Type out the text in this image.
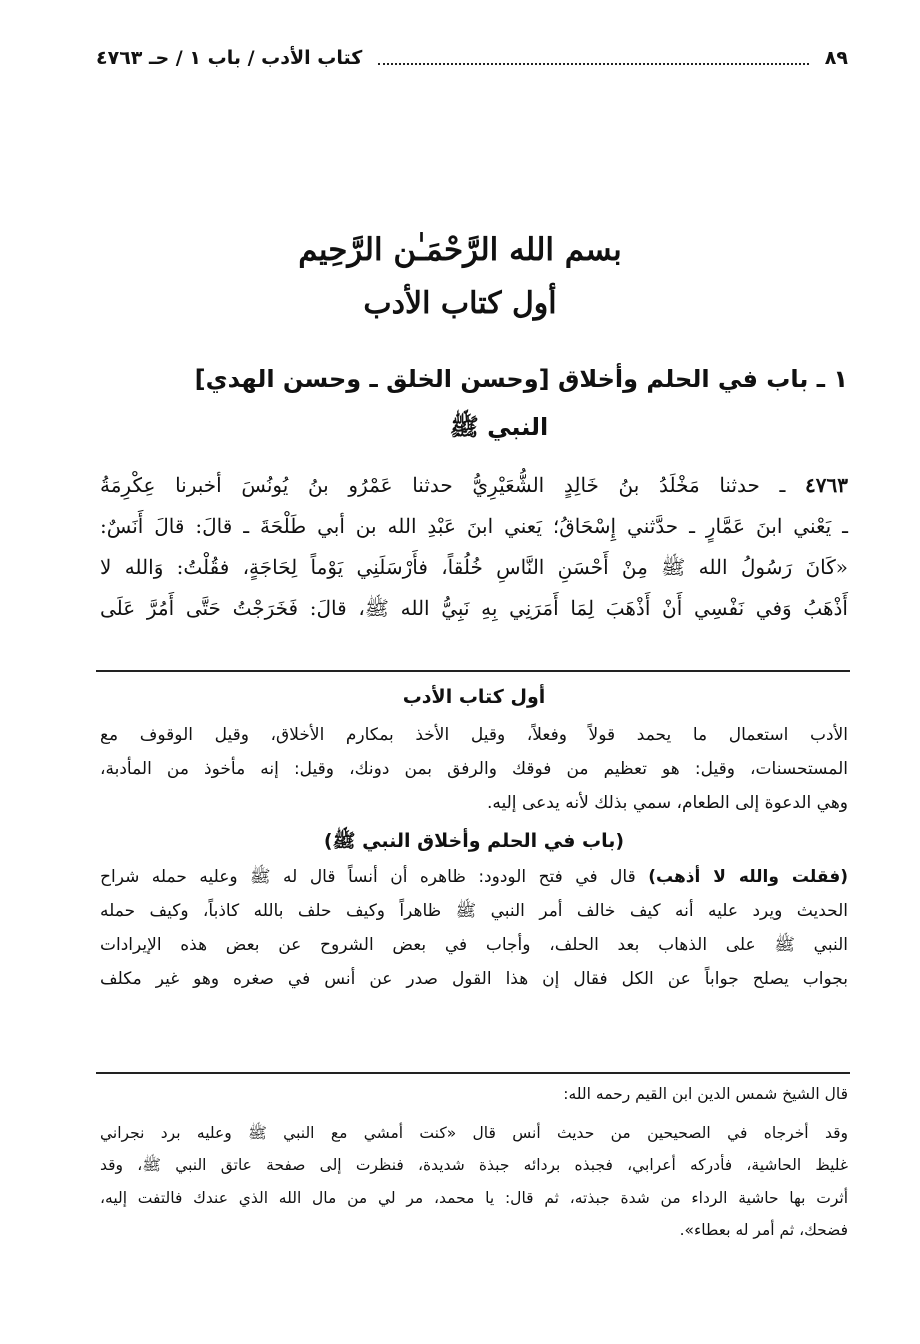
كتاب الأدب / باب ١ / حـ ٤٧٦٣	٨٩
بسم الله الرَّحْمَـٰن الرَّحِيم
أول كتاب الأدب
١ ـ باب في الحلم وأخلاق [وحسن الخلق ـ وحسن الهدي]
النبي ﷺ
٤٧٦٣ ـ حدثنا مَخْلَدُ بنُ خَالِدٍ الشُّعَيْرِيُّ حدثنا عَمْرُو بنُ يُونُسَ أخبرنا عِكْرِمَةُ
ـ يَعْني ابنَ عَمَّارٍ ـ حدَّثني إِسْحَاقُ؛ يَعني ابنَ عَبْدِ الله بن أبي طَلْحَةَ ـ قالَ: قالَ أَنَسٌ:
«كَانَ رَسُولُ الله ﷺ مِنْ أَحْسَنِ النَّاسِ خُلُقاً، فأَرْسَلَنِي يَوْماً لِحَاجَةٍ، فقُلْتُ: وَالله لا
أَذْهَبُ وَفي نَفْسِي أَنْ أَذْهَبَ لِمَا أَمَرَنِي بِهِ نَبِيُّ الله ﷺ، قالَ: فَخَرَجْتُ حَتَّى أَمُرَّ عَلَى
أول كتاب الأدب
الأدب استعمال ما يحمد قولاً وفعلاً، وقيل الأخذ بمكارم الأخلاق، وقيل الوقوف مع
المستحسنات، وقيل: هو تعظيم من فوقك والرفق بمن دونك، وقيل: إنه مأخوذ من المأدبة،
وهي الدعوة إلى الطعام، سمي بذلك لأنه يدعى إليه.
(باب في الحلم وأخلاق النبي ﷺ)
(فقلت والله لا أذهب) قال في فتح الودود: ظاهره أن أنساً قال له ﷺ وعليه حمله شراح
الحديث ويرد عليه أنه كيف خالف أمر النبي ﷺ ظاهراً وكيف حلف بالله كاذباً، وكيف حمله
النبي ﷺ على الذهاب بعد الحلف، وأجاب في بعض الشروح عن بعض هذه الإيرادات
بجواب يصلح جواباً عن الكل فقال إن هذا القول صدر عن أنس في صغره وهو غير مكلف
قال الشيخ شمس الدين ابن القيم رحمه الله:
وقد أخرجاه في الصحيحين من حديث أنس قال «كنت أمشي مع النبي ﷺ وعليه برد نجراني
غليظ الحاشية، فأدركه أعرابي، فجبذه بردائه جبذة شديدة، فنظرت إلى صفحة عاتق النبي ﷺ، وقد
أثرت بها حاشية الرداء من شدة جبذته، ثم قال: يا محمد، مر لي من مال الله الذي عندك فالتفت إليه،
فضحك، ثم أمر له بعطاء».
